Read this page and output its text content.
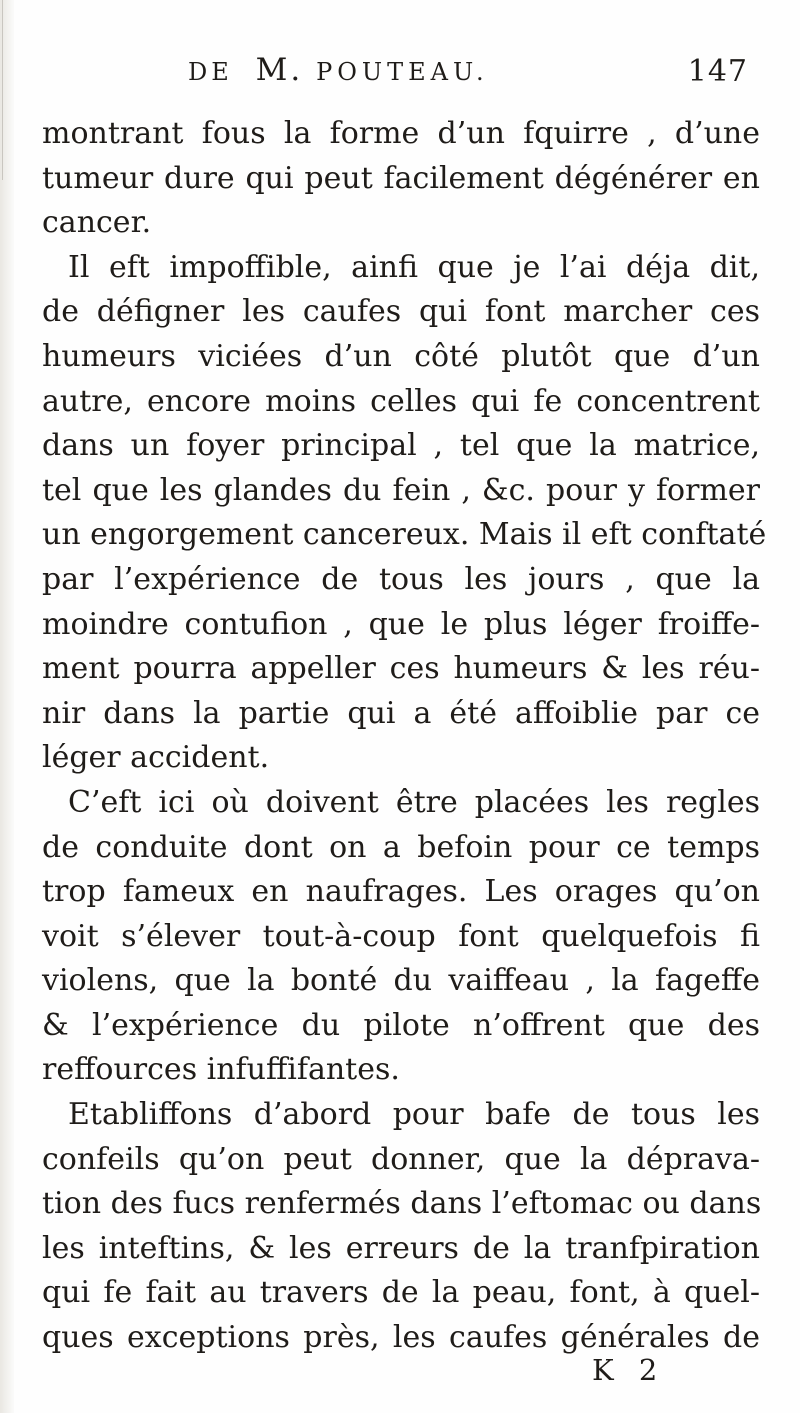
DE M. POUTEAU.	147
montrant fous la forme d’un fquirre , d’une
tumeur dure qui peut facilement dégénérer en
cancer.
Il eft impoffible, ainfi que je l’ai déja dit,
de défigner les caufes qui font marcher ces
humeurs viciées d’un côté plutôt que d’un
autre, encore moins celles qui fe concentrent
dans un foyer principal , tel que la matrice,
tel que les glandes du fein , &c. pour y former
un engorgement cancereux. Mais il eft conftaté
par l’expérience de tous les jours , que la
moindre contufion , que le plus léger froiffe-
ment pourra appeller ces humeurs & les réu-
nir dans la partie qui a été affoiblie par ce
léger accident.
C’eft ici où doivent être placées les regles
de conduite dont on a befoin pour ce temps
trop fameux en naufrages. Les orages qu’on
voit s’élever tout-à-coup font quelquefois fi
violens, que la bonté du vaiffeau , la fageffe
& l’expérience du pilote n’offrent que des
reffources infuffifantes.
Etabliffons d’abord pour bafe de tous les
confeils qu’on peut donner, que la déprava-
tion des fucs renfermés dans l’eftomac ou dans
les inteftins, & les erreurs de la tranfpiration
qui fe fait au travers de la peau, font, à quel-
ques exceptions près, les caufes générales de
K 2
